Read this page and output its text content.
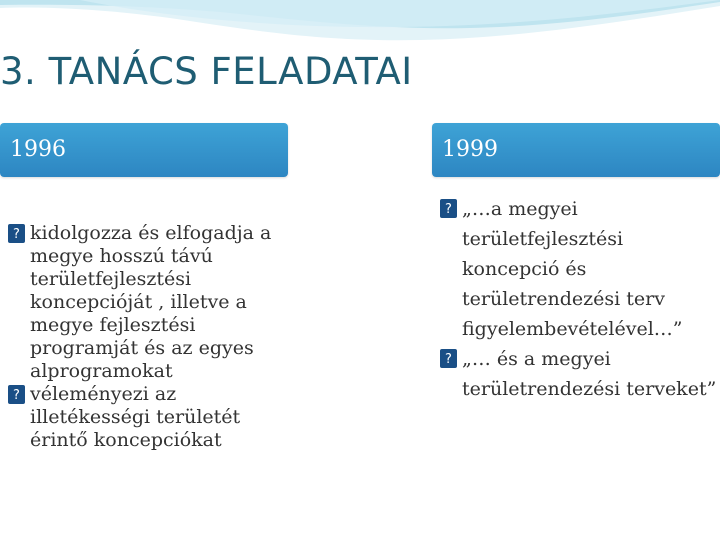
3. TANÁCS FELADATAI
1996	1999
? kidolgozza és elfogadja a megye hosszú távú területfejlesztési koncepcióját , illetve a megye fejlesztési programját és az egyes alprogramokat
? véleményezi az illetékességi területét érintő koncepciókat
? „…a megyei területfejlesztési koncepció és területrendezési terv figyelembevételével…”
? „… és a megyei területrendezési terveket”
